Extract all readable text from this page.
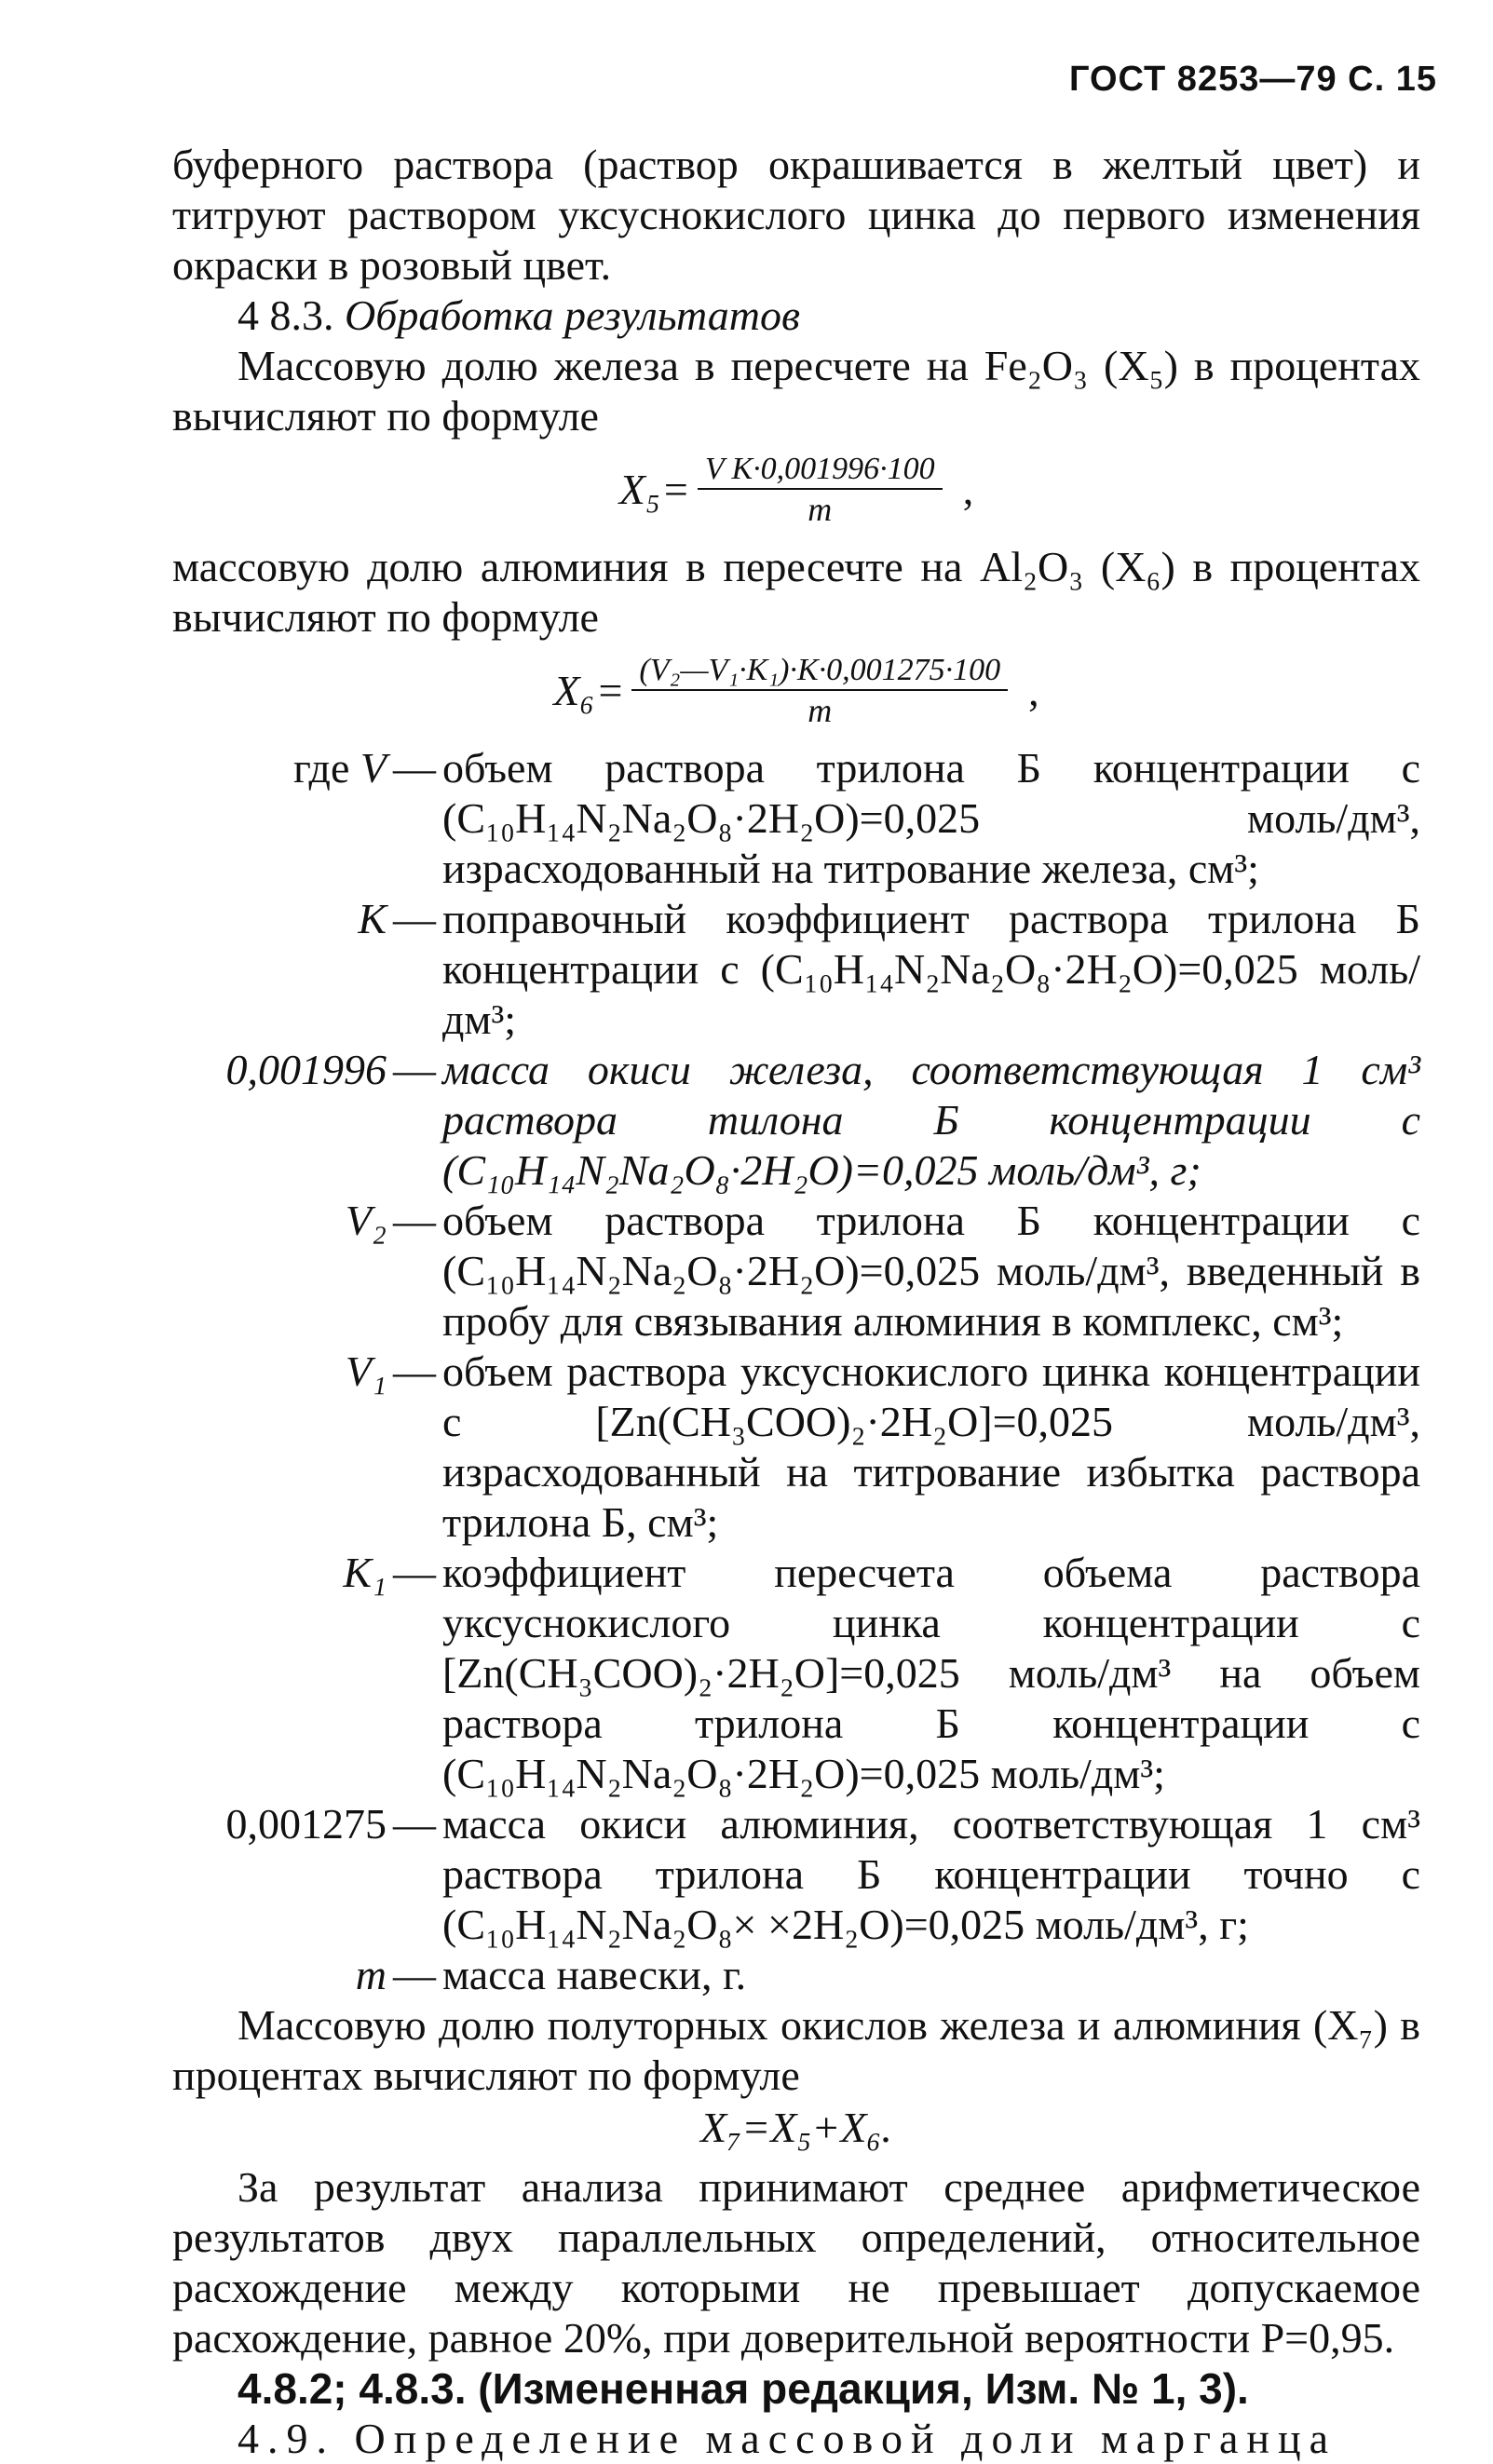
ГОСТ 8253—79 С. 15

буферного раствора (раствор окрашивается в желтый цвет) и титруют раствором уксуснокислого цинка до первого изменения окраски в розовый цвет.

4 8.3. Обработка результатов

Массовую долю железа в пересчете на Fe₂O₃ (X₅) в процентах вычисляют по формуле

$X_5 = \frac{\text{V K·0,001996·100}}{m}$ ,

массовую долю алюминия в пересечте на Al₂O₃ (X₆) в процентах вычисляют по формуле

$X_6 = \frac{\text{(V₂—V₁·K₁)·K·0,001275·100}}{m}$ ,
где V — объем раствора трилона Б концентрации c (C₁₀H₁₄N₂Na₂O₈·2H₂O)=0,025 моль/дм³, израсходованный на титрование железа, см³;
K — поправочный коэффициент раствора трилона Б концентрации c (C₁₀H₁₄N₂Na₂O₈·2H₂O)=0,025 моль/дм³;
0,001996 — масса окиси железа, соответствующая 1 см³ раствора тилона Б концентрации c (C₁₀H₁₄N₂Na₂O₈·2H₂O)=0,025 моль/дм³, г;
V₂ — объем раствора трилона Б концентрации c (C₁₀H₁₄N₂Na₂O₈·2H₂O)=0,025 моль/дм³, введенный в пробу для связывания алюминия в комплекс, см³;
V₁ — объем раствора уксуснокислого цинка концентрации c [Zn(CH₃COO)₂·2H₂O]=0,025 моль/дм³, израсходованный на титрование избытка раствора трилона Б, см³;
K₁ — коэффициент пересчета объема раствора уксуснокислого цинка концентрации c [Zn(CH₃COO)₂·2H₂O]=0,025 моль/дм³ на объем раствора трилона Б концентрации c (C₁₀H₁₄N₂Na₂O₈·2H₂O)=0,025 моль/дм³;
0,001275 — масса окиси алюминия, соответствующая 1 см³ раствора трилона Б концентрации точно c (C₁₀H₁₄N₂Na₂O₈× ×2H₂O)=0,025 моль/дм³, г;
m — масса навески, г.

Массовую долю полуторных окислов железа и алюминия (X₇) в процентах вычисляют по формуле

X₇=X₅+X₆.

За результат анализа принимают среднее арифметическое результатов двух параллельных определений, относительное расхождение между которыми не превышает допускаемое расхождение, равное 20%, при доверительной вероятности P=0,95.

4.8.2; 4.8.3. (Измененная редакция, Изм. № 1, 3).

4.9. Определение массовой доли марганца
